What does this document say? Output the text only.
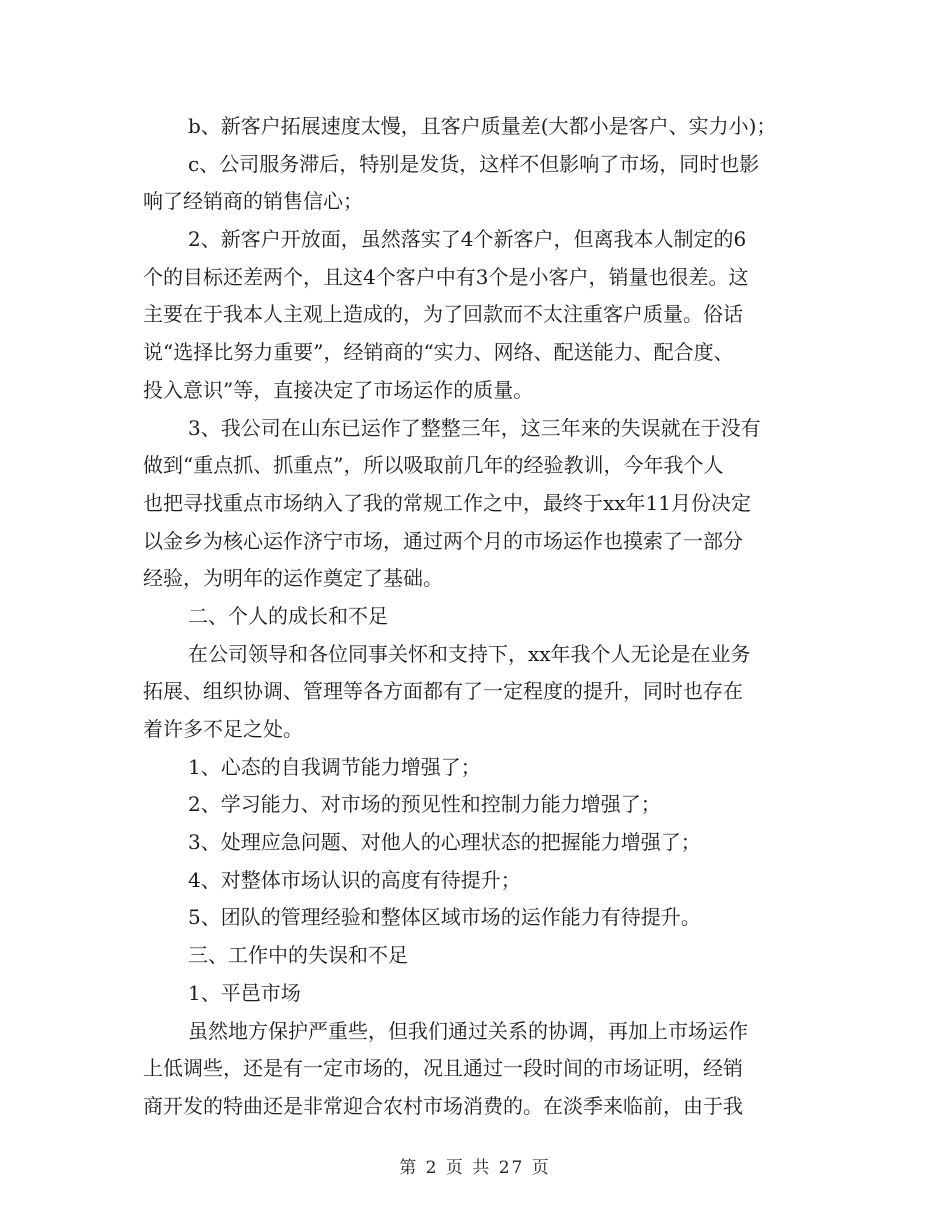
b、新客户拓展速度太慢，且客户质量差(大都小是客户、实力小)；
c、公司服务滞后，特别是发货，这样不但影响了市场，同时也影
响了经销商的销售信心；
2、新客户开放面，虽然落实了4个新客户，但离我本人制定的6
个的目标还差两个，且这4个客户中有3个是小客户，销量也很差。这
主要在于我本人主观上造成的，为了回款而不太注重客户质量。俗话
说“选择比努力重要”，经销商的“实力、网络、配送能力、配合度、
投入意识”等，直接决定了市场运作的质量。
3、我公司在山东已运作了整整三年，这三年来的失误就在于没有
做到“重点抓、抓重点”，所以吸取前几年的经验教训，今年我个人
也把寻找重点市场纳入了我的常规工作之中，最终于xx年11月份决定
以金乡为核心运作济宁市场，通过两个月的市场运作也摸索了一部分
经验，为明年的运作奠定了基础。
二、个人的成长和不足
在公司领导和各位同事关怀和支持下，xx年我个人无论是在业务
拓展、组织协调、管理等各方面都有了一定程度的提升，同时也存在
着许多不足之处。
1、心态的自我调节能力增强了；
2、学习能力、对市场的预见性和控制力能力增强了；
3、处理应急问题、对他人的心理状态的把握能力增强了；
4、对整体市场认识的高度有待提升；
5、团队的管理经验和整体区域市场的运作能力有待提升。
三、工作中的失误和不足
1、平邑市场
虽然地方保护严重些，但我们通过关系的协调，再加上市场运作
上低调些，还是有一定市场的，况且通过一段时间的市场证明，经销
商开发的特曲还是非常迎合农村市场消费的。在淡季来临前，由于我
第 2 页 共 27 页
